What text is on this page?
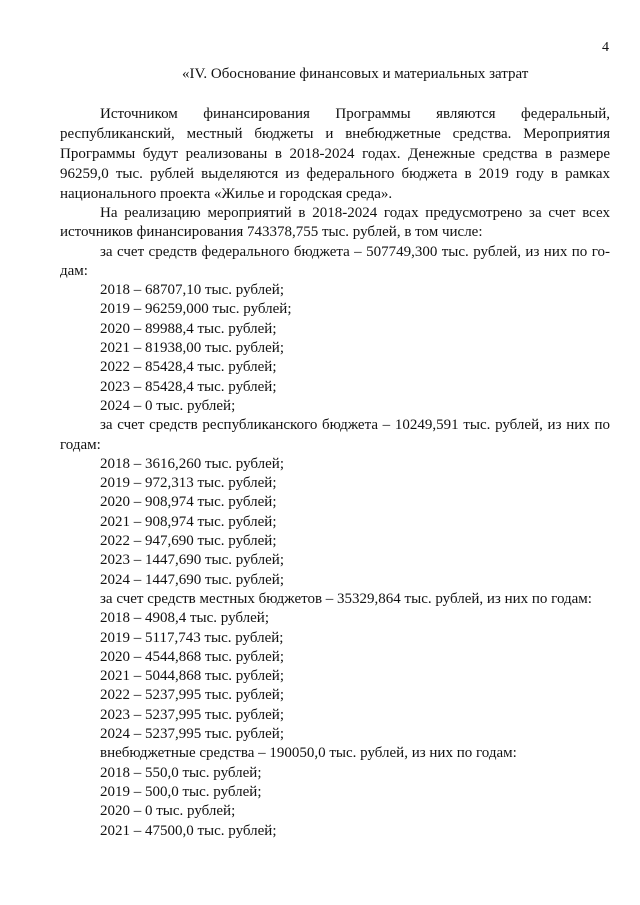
4
«IV. Обоснование финансовых и материальных затрат

Источником финансирования Программы являются федеральный, республиканский, местный бюджеты и внебюджетные средства. Мероприятия Программы будут реализованы в 2018-2024 годах. Денежные средства в размере 96259,0 тыс. рублей выделяются из федерального бюджета в 2019 году в рамках национального проекта «Жилье и городская среда».

На реализацию мероприятий в 2018-2024 годах предусмотрено за счет всех
источников финансирования 743378,755 тыс. рублей, в том числе:
за счет средств федерального бюджета – 507749,300 тыс. рублей, из них по го-
дам:
2018 – 68707,10 тыс. рублей;
2019 – 96259,000 тыс. рублей;
2020 – 89988,4 тыс. рублей;
2021 – 81938,00 тыс. рублей;
2022 – 85428,4 тыс. рублей;
2023 – 85428,4 тыс. рублей;
2024 – 0 тыс. рублей;
за счет средств республиканского бюджета – 10249,591 тыс. рублей, из них по
годам:
2018 – 3616,260 тыс. рублей;
2019 – 972,313 тыс. рублей;
2020 – 908,974 тыс. рублей;
2021 – 908,974 тыс. рублей;
2022 – 947,690 тыс. рублей;
2023 – 1447,690 тыс. рублей;
2024 – 1447,690 тыс. рублей;
за счет средств местных бюджетов – 35329,864 тыс. рублей, из них по годам:
2018 – 4908,4 тыс. рублей;
2019 – 5117,743 тыс. рублей;
2020 – 4544,868 тыс. рублей;
2021 – 5044,868 тыс. рублей;
2022 – 5237,995 тыс. рублей;
2023 – 5237,995 тыс. рублей;
2024 – 5237,995 тыс. рублей;
внебюджетные средства – 190050,0 тыс. рублей, из них по годам:
2018 – 550,0 тыс. рублей;
2019 – 500,0 тыс. рублей;
2020 – 0 тыс. рублей;
2021 – 47500,0 тыс. рублей;
